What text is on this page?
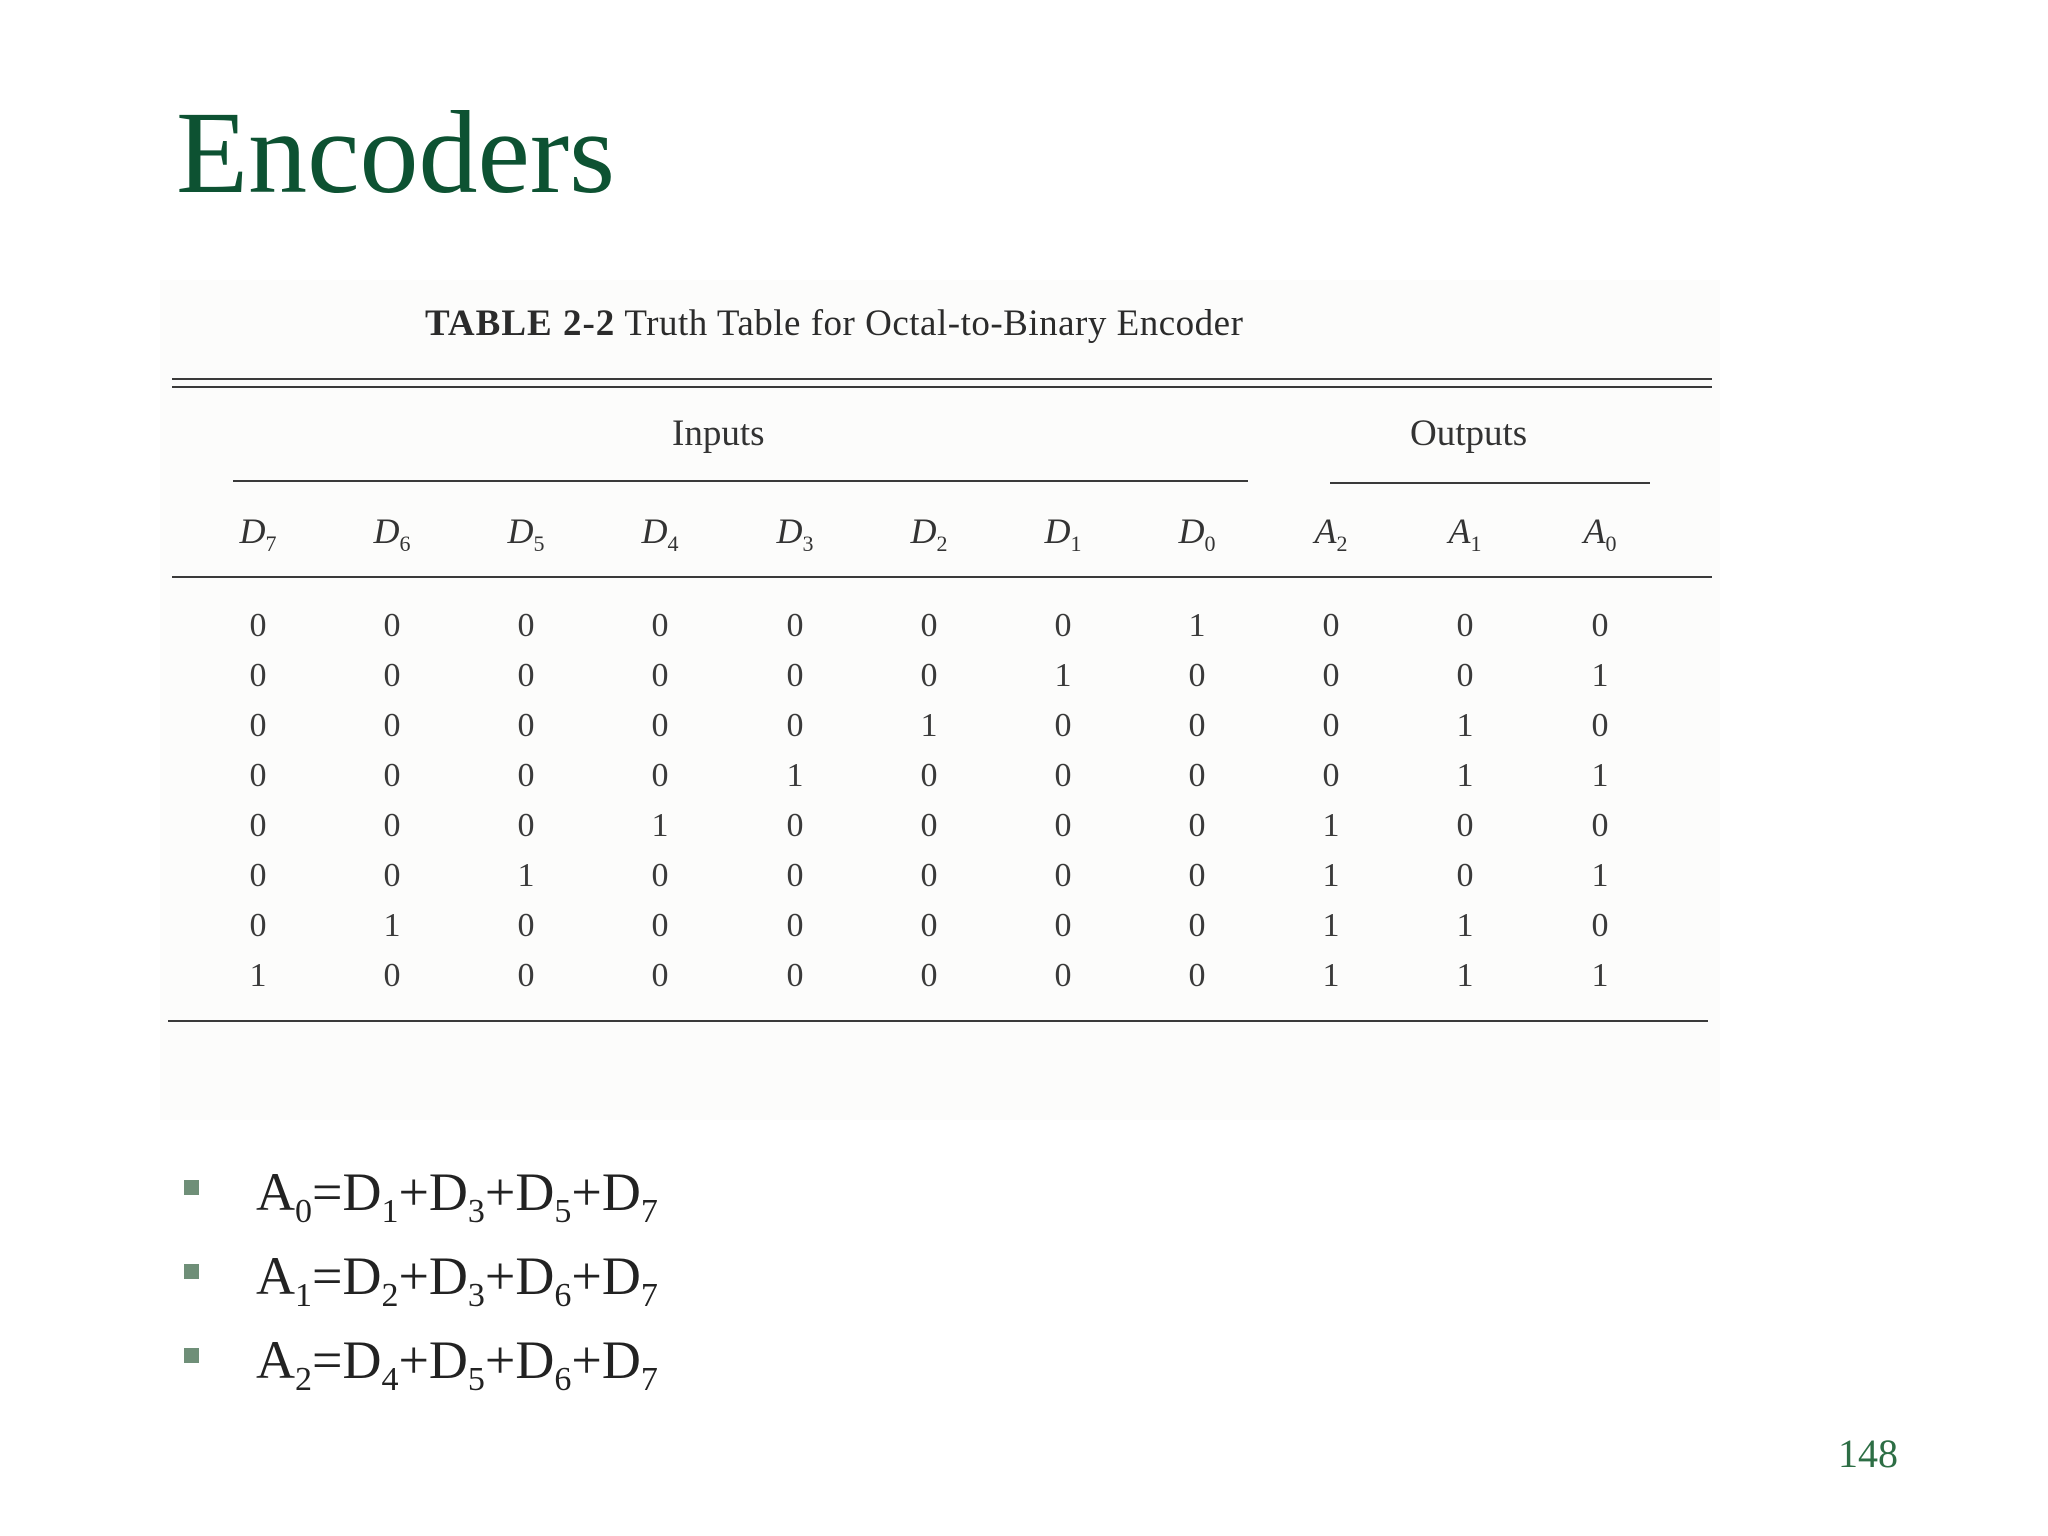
Encoders
TABLE 2-2 Truth Table for Octal-to-Binary Encoder
Inputs	Outputs
$D_7$	$D_6$	$D_5$	$D_4$	$D_3$	$D_2$	$D_1$	$D_0$	$A_2$	$A_1$	$A_0$
0	0	0	0	0	0	0	1	0	0	0
0	0	0	0	0	0	1	0	0	0	1
0	0	0	0	0	1	0	0	0	1	0
0	0	0	0	1	0	0	0	0	1	1
0	0	0	1	0	0	0	0	1	0	0
0	0	1	0	0	0	0	0	1	0	1
0	1	0	0	0	0	0	0	1	1	0
1	0	0	0	0	0	0	0	1	1	1
$A_0=D_1+D_3+D_5+D_7$
$A_1=D_2+D_3+D_6+D_7$
$A_2=D_4+D_5+D_6+D_7$
148
